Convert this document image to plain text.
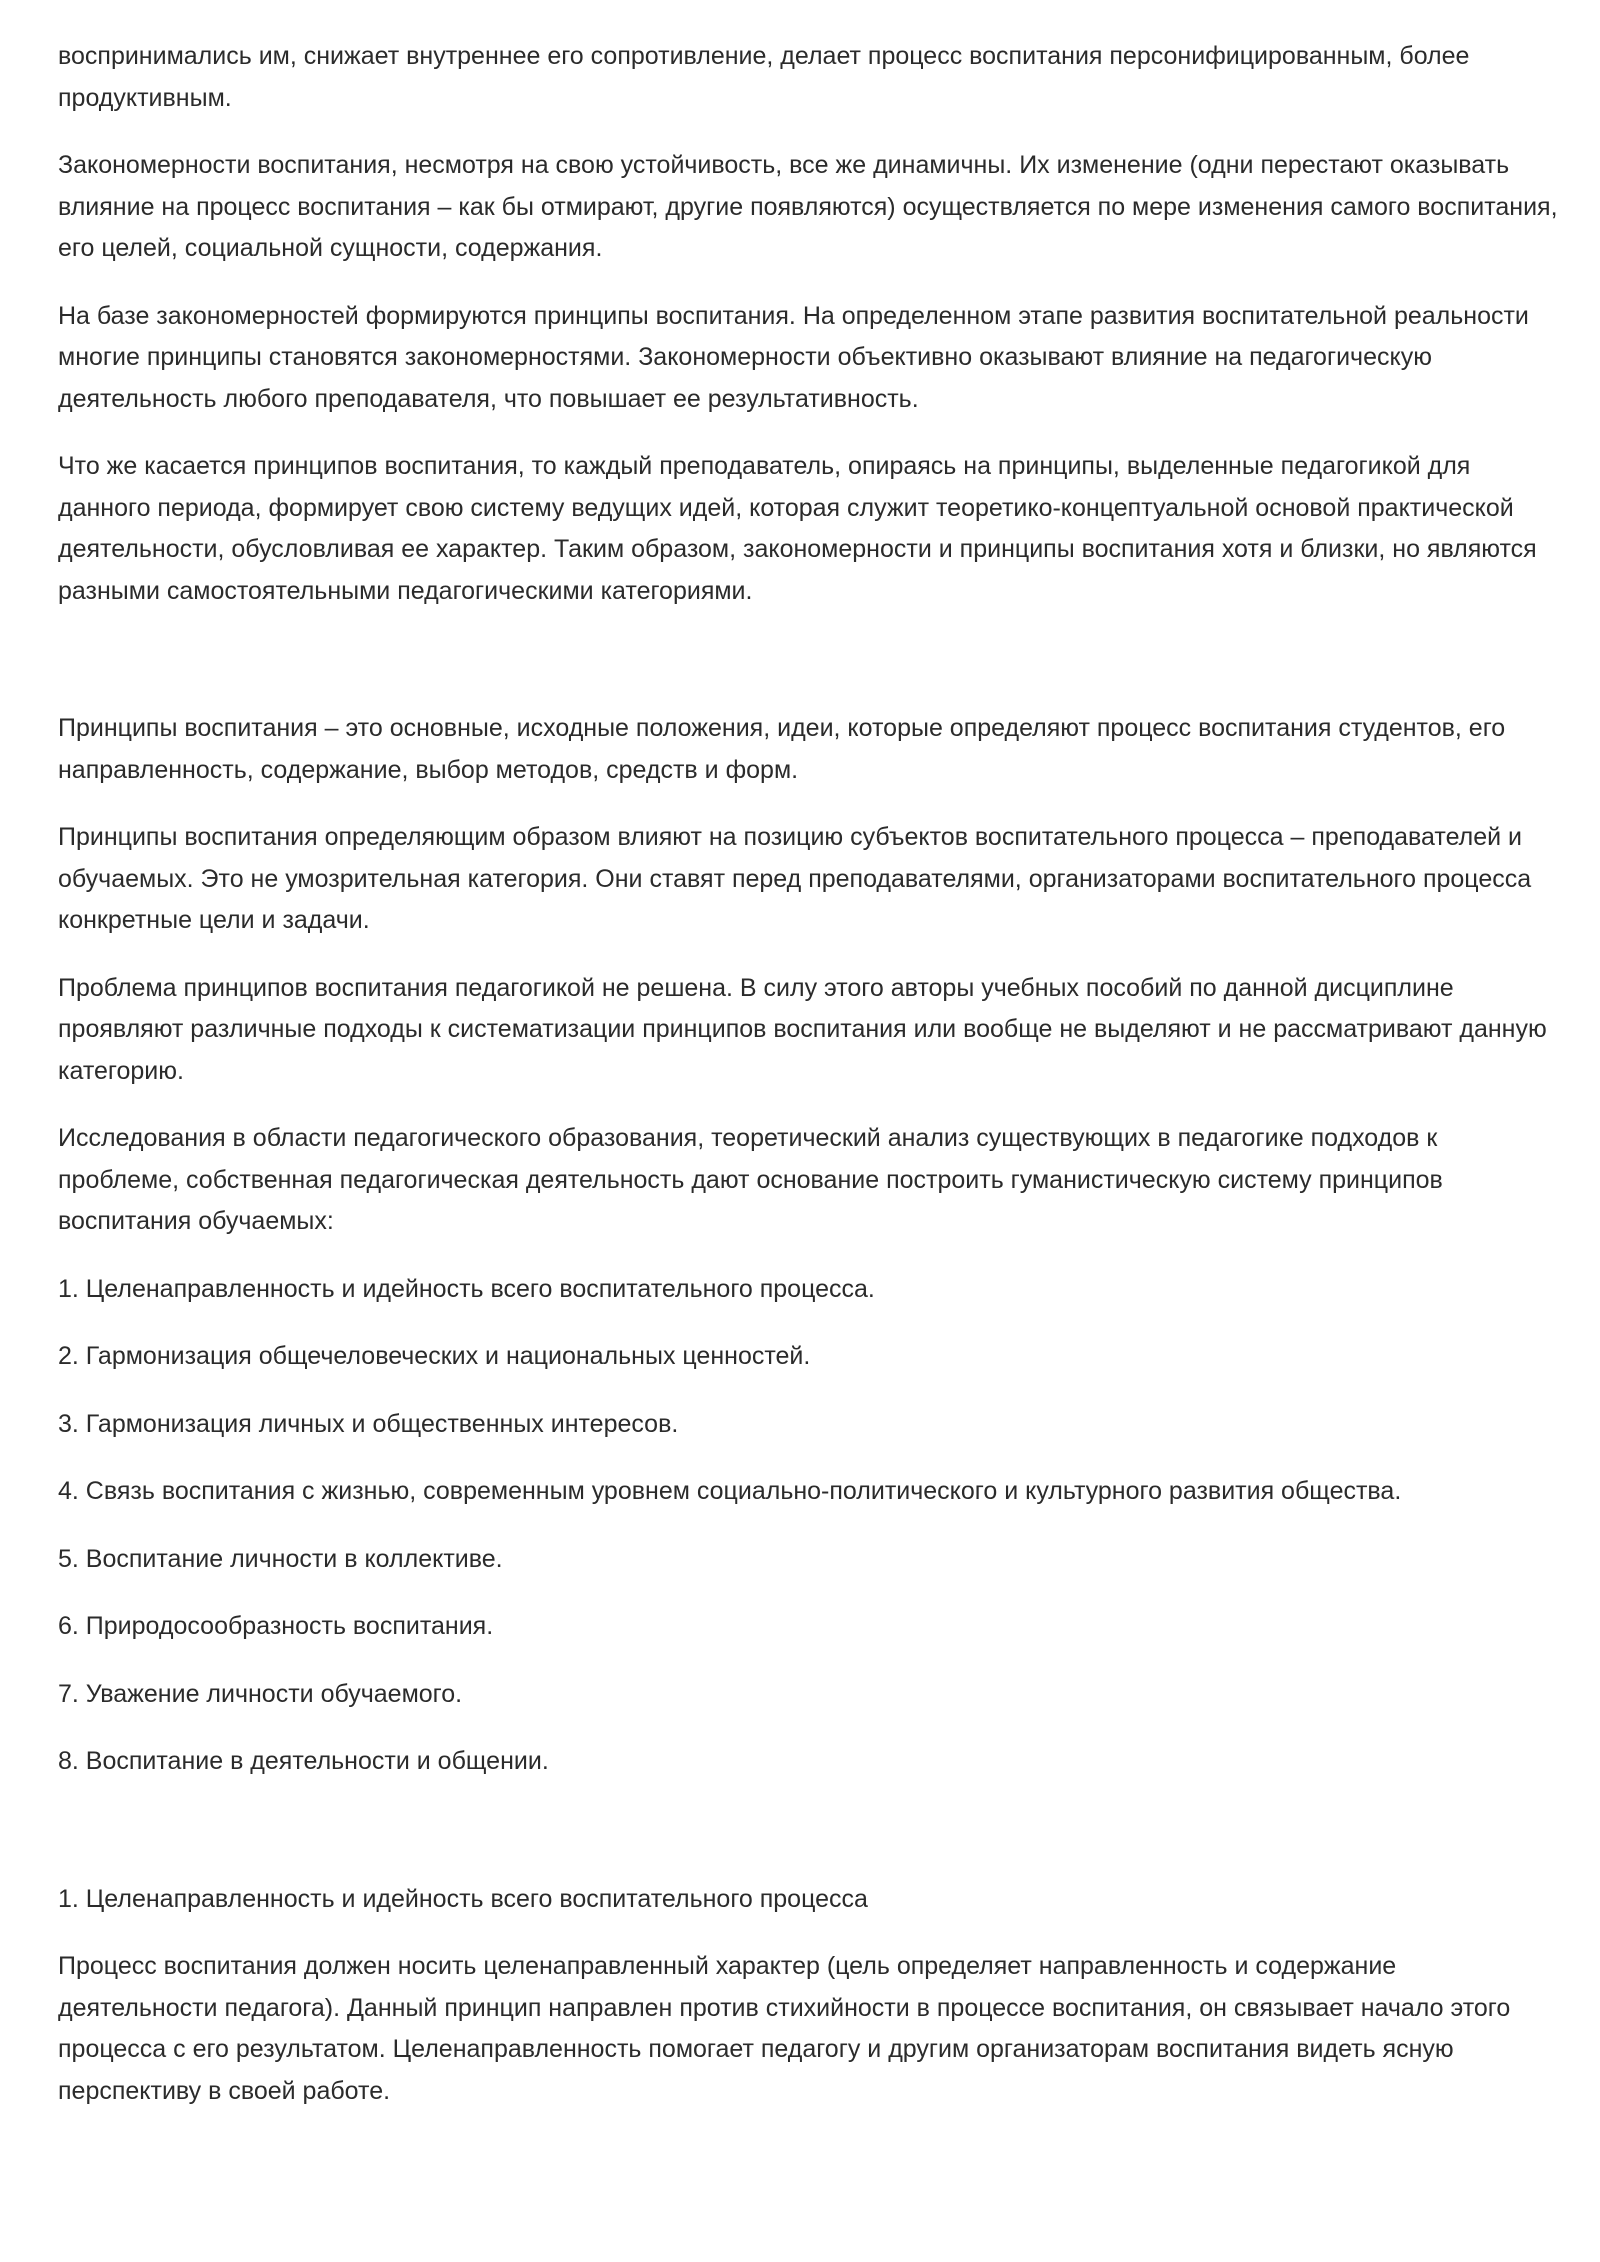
воспринимались им, снижает внутреннее его сопротивление, делает процесс воспитания персонифицированным, более продуктивным.

Закономерности воспитания, несмотря на свою устойчивость, все же динамичны. Их изменение (одни перестают оказывать влияние на процесс воспитания – как бы отмирают, другие появляются) осуществляется по мере изменения самого воспитания, его целей, социальной сущности, содержания.

На базе закономерностей формируются принципы воспитания. На определенном этапе развития воспитательной реальности многие принципы становятся закономерностями. Закономерности объективно оказывают влияние на педагогическую деятельность любого преподавателя, что повышает ее результативность.

Что же касается принципов воспитания, то каждый преподаватель, опираясь на принципы, выделенные педагогикой для данного периода, формирует свою систему ведущих идей, которая служит теоретико-концептуальной основой практической деятельности, обусловливая ее характер. Таким образом, закономерности и принципы воспитания хотя и близки, но являются разными самостоятельными педагогическими категориями.

Принципы воспитания – это основные, исходные положения, идеи, которые определяют процесс воспитания студентов, его направленность, содержание, выбор методов, средств и форм.

Принципы воспитания определяющим образом влияют на позицию субъектов воспитательного процесса – преподавателей и обучаемых. Это не умозрительная категория. Они ставят перед преподавателями, организаторами воспитательного процесса конкретные цели и задачи.

Проблема принципов воспитания педагогикой не решена. В силу этого авторы учебных пособий по данной дисциплине проявляют различные подходы к систематизации принципов воспитания или вообще не выделяют и не рассматривают данную категорию.

Исследования в области педагогического образования, теоретический анализ существующих в педагогике подходов к проблеме, собственная педагогическая деятельность дают основание построить гуманистическую систему принципов воспитания обучаемых:

1. Целенаправленность и идейность всего воспитательного процесса.

2. Гармонизация общечеловеческих и национальных ценностей.

3. Гармонизация личных и общественных интересов.

4. Связь воспитания с жизнью, современным уровнем социально-политического и культурного развития общества.

5. Воспитание личности в коллективе.

6. Природосообразность воспитания.

7. Уважение личности обучаемого.

8. Воспитание в деятельности и общении.

1. Целенаправленность и идейность всего воспитательного процесса

Процесс воспитания должен носить целенаправленный характер (цель определяет направленность и содержание деятельности педагога). Данный принцип направлен против стихийности в процессе воспитания, он связывает начало этого процесса с его результатом. Целенаправленность помогает педагогу и другим организаторам воспитания видеть ясную перспективу в своей работе.
